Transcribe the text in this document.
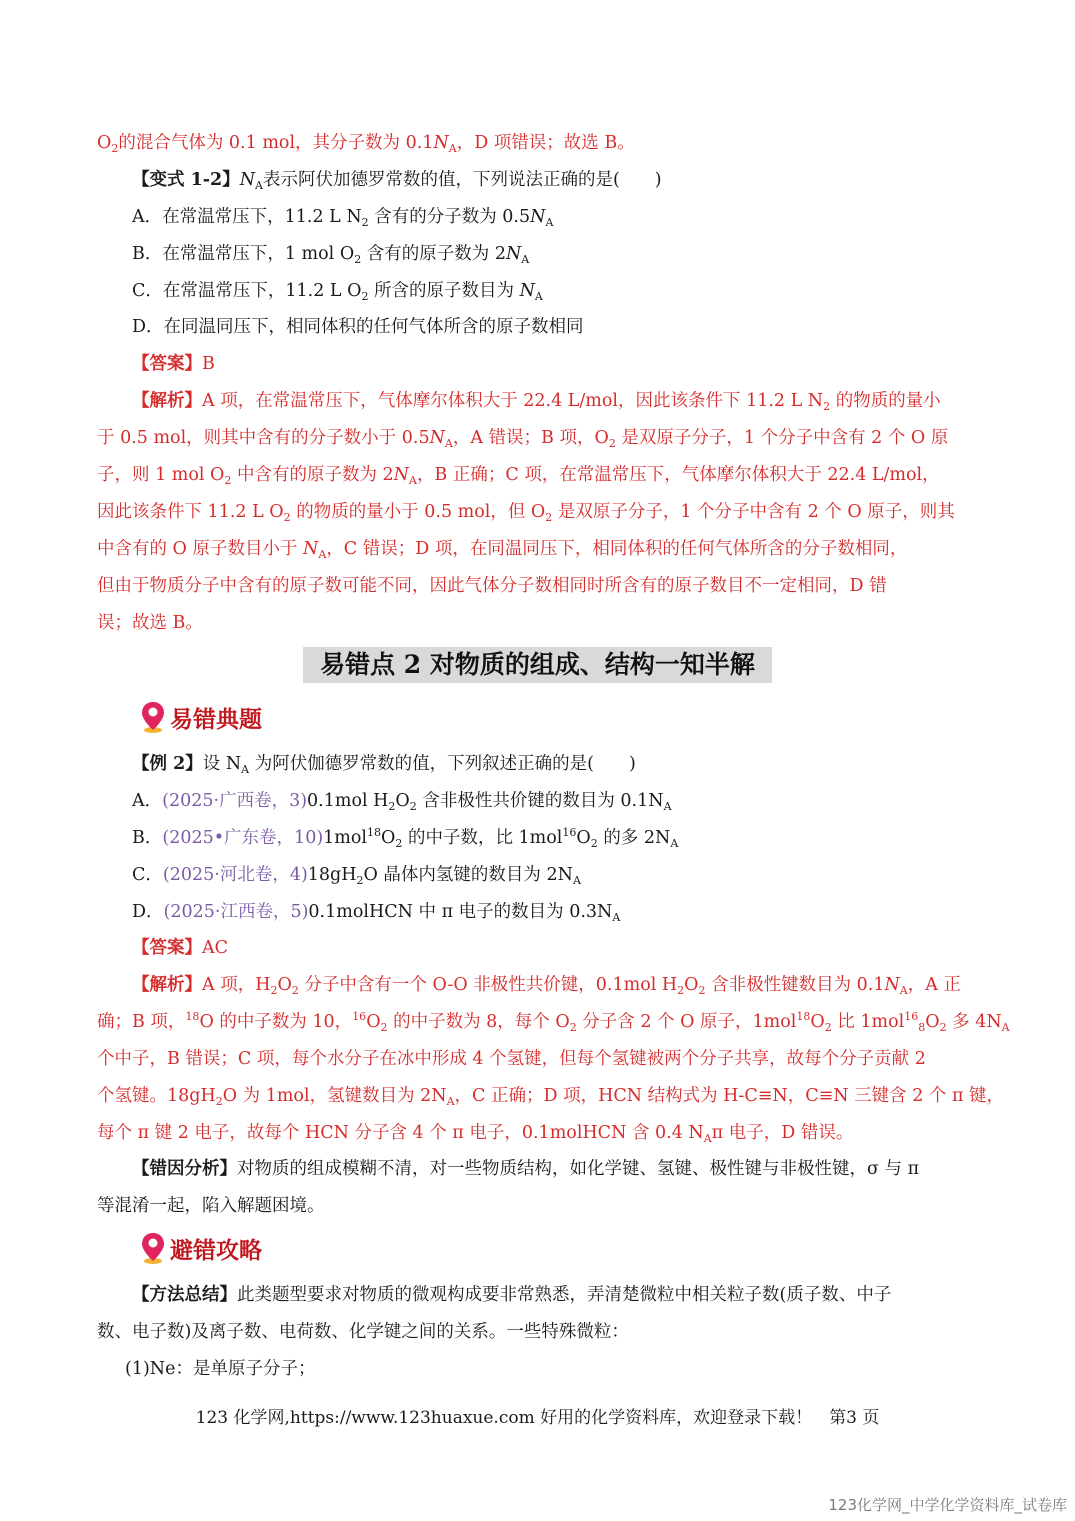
$O_2$的混合气体为 0.1 mol，其分子数为 $0.1N_A$，D 项错误；故选 B。
【变式 1-2】$N_A$表示阿伏加德罗常数的值，下列说法正确的是(　　)
A．在常温常压下，11.2 L $N_2$ 含有的分子数为 $0.5N_A$
B．在常温常压下，1 mol $O_2$ 含有的原子数为 $2N_A$
C．在常温常压下，11.2 L $O_2$ 所含的原子数目为 $N_A$
D．在同温同压下，相同体积的任何气体所含的原子数相同
【答案】B
【解析】A 项，在常温常压下，气体摩尔体积大于 22.4 L/mol，因此该条件下 11.2 L $N_2$ 的物质的量小
于 0.5 mol，则其中含有的分子数小于 $0.5N_A$，A 错误；B 项，$O_2$ 是双原子分子，1 个分子中含有 2 个 O 原
子，则 1 mol $O_2$ 中含有的原子数为 $2N_A$，B 正确；C 项，在常温常压下，气体摩尔体积大于 22.4 L/mol，
因此该条件下 11.2 L $O_2$ 的物质的量小于 0.5 mol，但 $O_2$ 是双原子分子，1 个分子中含有 2 个 O 原子，则其
中含有的 O 原子数目小于 $N_A$，C 错误；D 项，在同温同压下，相同体积的任何气体所含的分子数相同，
但由于物质分子中含有的原子数可能不同，因此气体分子数相同时所含有的原子数目不一定相同，D 错
误；故选 B。
易错点 2 对物质的组成、结构一知半解
易错典题
【例 2】设 $N_A$ 为阿伏伽德罗常数的值，下列叙述正确的是(　　)
A．(2025·广西卷，3)0.1mol $H_2O_2$ 含非极性共价键的数目为 $0.1N_A$
B．(2025•广东卷，$10)1mol^{18}O_2$ 的中子数，比 $1mol^{16}O_2$ 的多 $2N_A$
C．(2025·河北卷，$4)18gH_2O$ 晶体内氢键的数目为 $2N_A$
D．(2025·江西卷，5)0.1molHCN 中 π 电子的数目为 $0.3N_A$
【答案】AC
【解析】A 项，$H_2O_2$ 分子中含有一个 O-O 非极性共价键，0.1mol $H_2O_2$ 含非极性键数目为 $0.1N_A$，A 正
确；B 项，$^{18}$O 的中子数为 10，$^{16}O_2$ 的中子数为 8，每个 $O_2$ 分子含 2 个 O 原子，$1mol^{18}O_2$ 比 $1mol^{16}_8O_2$ 多 $4N_A$
个中子，B 错误；C 项，每个水分子在冰中形成 4 个氢键，但每个氢键被两个分子共享，故每个分子贡献 2
个氢键。$18gH_2O$ 为 1mol，氢键数目为 $2N_A$，C 正确；D 项，HCN 结构式为 H-C≡N，C≡N 三键含 2 个 π 键，
每个 π 键 2 电子，故每个 HCN 分子含 4 个 π 电子，0.1molHCN 含 0.4 $N_A\pi$ 电子，D 错误。
【错因分析】对物质的组成模糊不清，对一些物质结构，如化学键、氢键、极性键与非极性键，σ 与 π
等混淆一起，陷入解题困境。
避错攻略
【方法总结】此类题型要求对物质的微观构成要非常熟悉，弄清楚微粒中相关粒子数(质子数、中子
数、电子数)及离子数、电荷数、化学键之间的关系。一些特殊微粒：
(1)Ne：是单原子分子；
123 化学网,https://www.123huaxue.com 好用的化学资料库，欢迎登录下载！　第3 页
123化学网_中学化学资料库_试卷库
